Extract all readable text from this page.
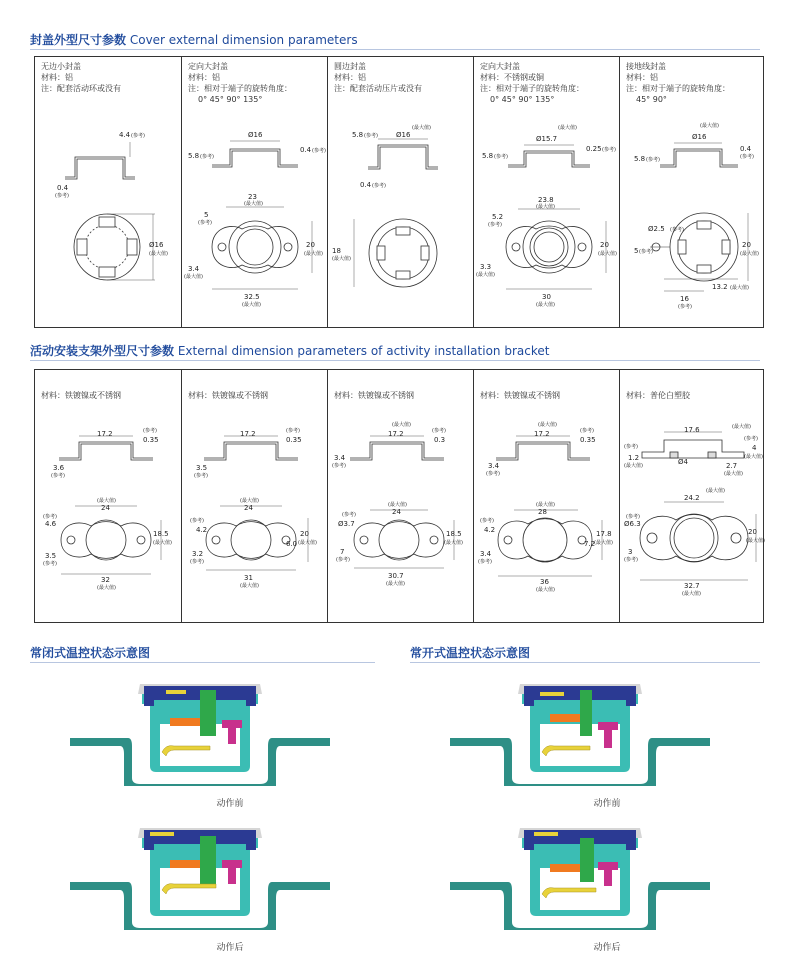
封盖外型尺寸参数 Cover external dimension parameters
无边小封盖
材料：铝
注：配套活动环或没有
4.4 (参考)
0.4
(参考)
Ø16
(最大值)
定向大封盖
材料：铝
注：相对于端子的旋转角度：
0° 45° 90° 135°
Ø16
5.8 (参考)
0.4 (参考)
23
(最大值)
5
(参考)
20
(最大值)
3.4
(最大值)
32.5
(最大值)
圆边封盖
材料：铝
注：配套活动压片或没有
(最大值)
Ø16
5.8 (参考)
0.4 (参考)
18
(最大值)
定向大封盖
材料：不锈钢或铜
注：相对于端子的旋转角度：
0° 45° 90° 135°
(最大值)
Ø15.7
5.8 (参考)
0.25 (参考)
23.8
(最大值)
5.2
(参考)
20
(最大值)
3.3
(最大值)
30
(最大值)
接地线封盖
材料：铝
注：相对于端子的旋转角度：
45° 90°
(最大值)
Ø16
5.8 (参考)
0.4
(参考)
Ø2.5 (参考)
5 (参考)
20
(最大值)
13.2 (最大值)
16
(参考)
活动安装支架外型尺寸参数 External dimension parameters of activity installation bracket
材料：铁镀镍或不锈钢
17.2	(参考)
0.35
3.6
(参考)
24
(最大值)
(参考)
4.6
18.5
(最大值)
3.5
(参考)
32
(最大值)
材料：铁镀镍或不锈钢
17.2	(参考)
0.35
3.5
(参考)
24
(最大值)
(参考)
4.2	20
(最大值)
6.0
3.2
(参考)
31
(最大值)
材料：铁镀镍或不锈钢
(最大值)
17.2	(参考)
0.3
3.4
(参考)
24
(最大值)
(参考)
Ø3.7
18.5
(最大值)
7
(参考)
30.7
(最大值)
材料：铁镀镍或不锈钢
(最大值)
17.2	(参考)
0.35
3.4
(参考)
28
(最大值)
(参考)
4.2
7.2
17.8
(最大值)
3.4
(参考)
36
(最大值)
材料：普伦白塑胶
(最大值)
17.6
(参考)
Ø4
1.2
(最大值)
4
(参考)
(最大值)
2.7
(最大值)
(最大值)
24.2
Ø6.3
(参考)
20
(最大值)
3
(参考)
32.7
(最大值)
常闭式温控状态示意图	常开式温控状态示意图
动作前	动作前
动作后	动作后
